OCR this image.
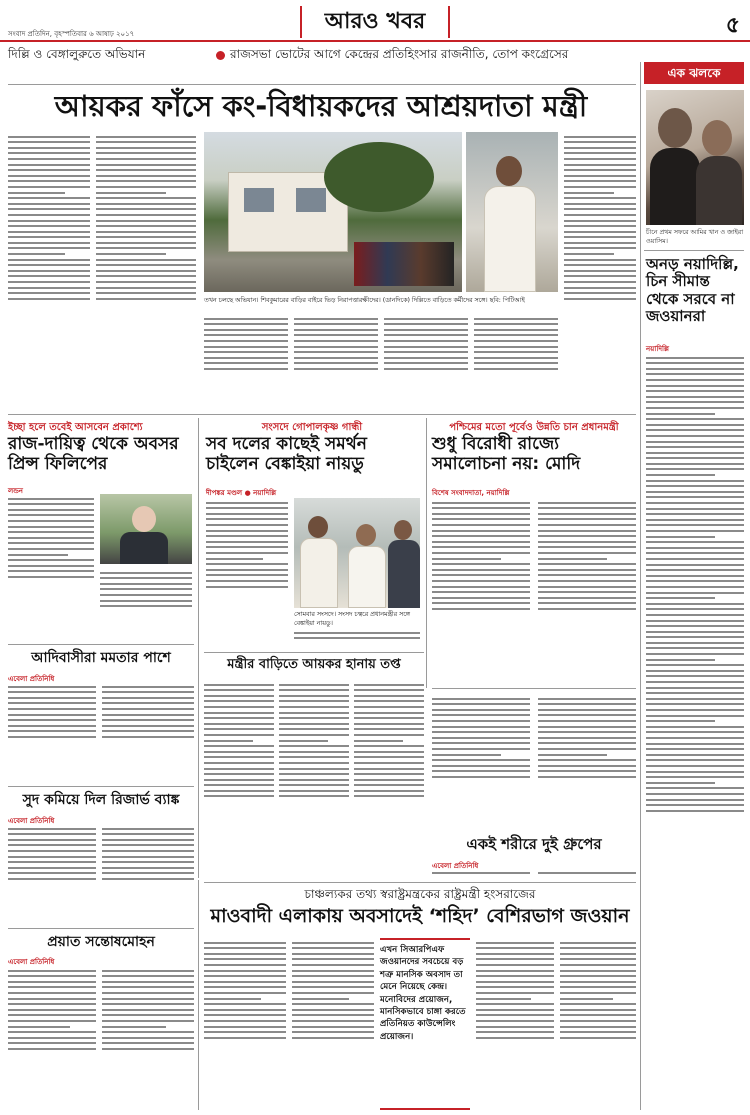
সংবাদ প্রতিদিন, বৃহস্পতিবার ৬ আষাঢ় ২০১৭	আরও খবর	৫
দিল্লি ও বেঙ্গালুরুতে অভিযান	রাজসভা ভোটের আগে কেন্দ্রের প্রতিহিংসার রাজনীতি, তোপ কংগ্রেসের
এক ঝলকে
চীনে প্রথম সফরে আমির খান ও জাইরা ওয়াসিম।
অনড় নয়াদিল্লি, চিন সীমান্ত থেকে সরবে না জওয়ানরা
নয়াদিল্লি
আয়কর ফাঁসে কং-বিধায়কদের আশ্রয়দাতা মন্ত্রী
তখন চলছে অভিযান। শিবকুমারের বাড়ির বাইরে ভিড় নিরাপত্তারক্ষীদের। (ডানদিকে) দিল্লিতে বাড়িতে কর্মীদের সঙ্গে। ছবি: পিটিআই
ইচ্ছা হলে তবেই আসবেন প্রকাশ্যে
রাজ-দায়িত্ব থেকে অবসর প্রিন্স ফিলিপের
লন্ডন
সংসদে গোপালকৃষ্ণ গান্ধী
সব দলের কাছেই সমর্থন চাইলেন বেঙ্কাইয়া নায়ডু
দীপঙ্কর মণ্ডল ● নয়াদিল্লি
সোমবার সংসদে। সংসদ চত্বরে প্রধানমন্ত্রীর সঙ্গে বেঙ্কাইয়া নায়ডু।
পশ্চিমের মতো পূর্বেও উন্নতি চান প্রধানমন্ত্রী
শুধু বিরোধী রাজ্যে সমালোচনা নয়: মোদি
বিশেষ সংবাদদাতা, নয়াদিল্লি
মন্ত্রীর বাড়িতে আয়কর হানায় তপ্ত
আদিবাসীরা মমতার পাশে
এবেলা প্রতিনিধি
সুদ কমিয়ে দিল রিজার্ভ ব্যাঙ্ক
এবেলা প্রতিনিধি
প্রয়াত সন্তোষমোহন
এবেলা প্রতিনিধি
একই শরীরে দুই গ্রুপের
এবেলা প্রতিনিধি
চাঞ্চল্যকর তথ্য স্বরাষ্ট্রমন্ত্রকের রাষ্ট্রমন্ত্রী হংসরাজের
মাওবাদী এলাকায় অবসাদেই ‘শহিদ’ বেশিরভাগ জওয়ান
এখন সিআরপিএফ জওয়ানদের সবচেয়ে বড় শত্রু মানসিক অবসাদ তা মেনে নিয়েছে কেন্দ্র। মনোবিদের প্রয়োজন, মানসিকভাবে চাঙ্গা করতে প্রতিনিয়ত কাউন্সেলিং প্রয়োজন।
